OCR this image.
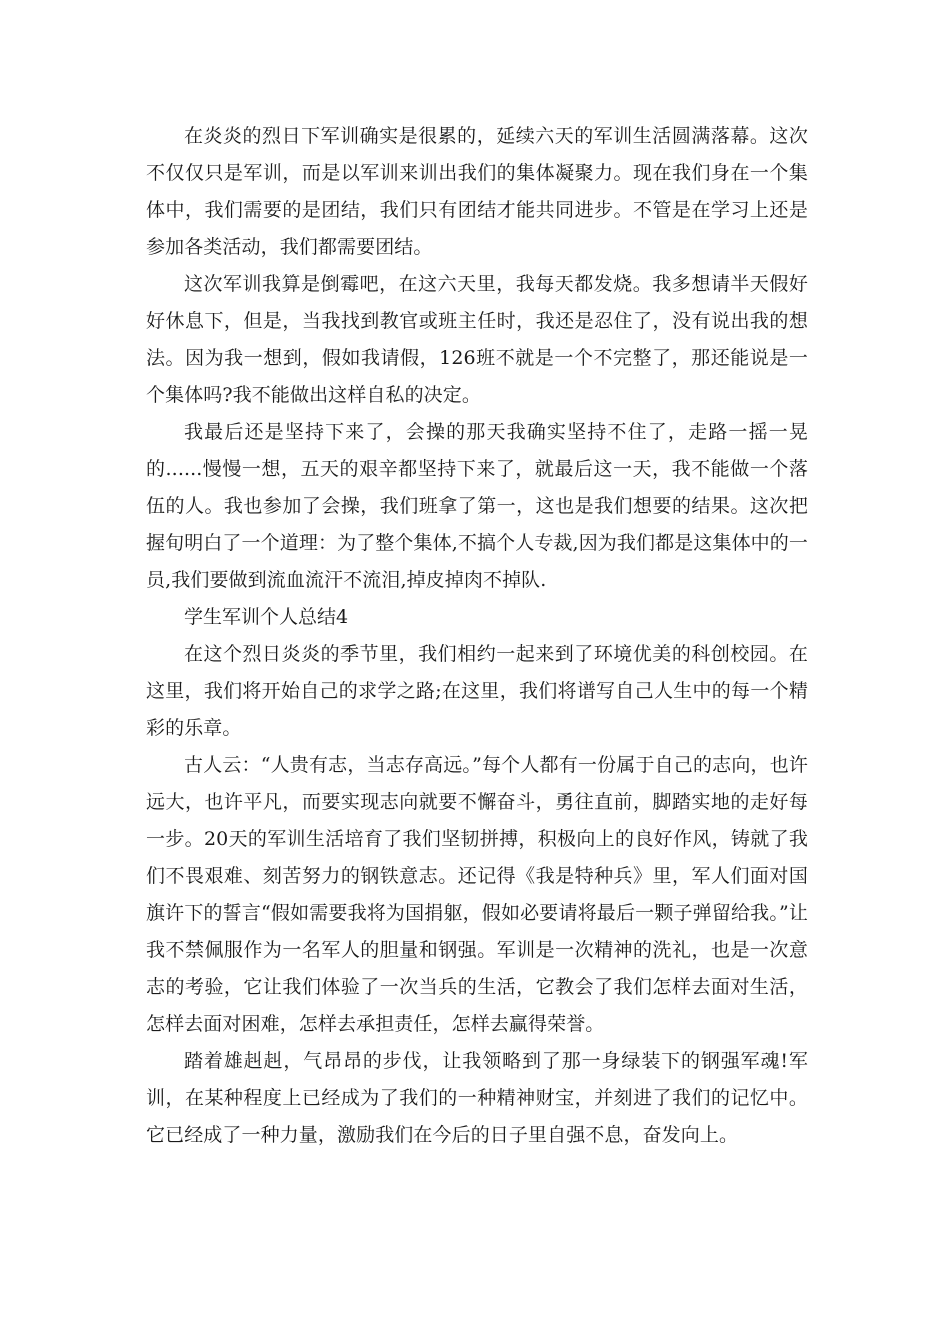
在炎炎的烈日下军训确实是很累的，延续六天的军训生活圆满落幕。这次不仅仅只是军训，而是以军训来训出我们的集体凝聚力。现在我们身在一个集体中，我们需要的是团结，我们只有团结才能共同进步。不管是在学习上还是参加各类活动，我们都需要团结。

这次军训我算是倒霉吧，在这六天里，我每天都发烧。我多想请半天假好好休息下，但是，当我找到教官或班主任时，我还是忍住了，没有说出我的想法。因为我一想到，假如我请假，126班不就是一个不完整了，那还能说是一个集体吗?我不能做出这样自私的决定。

我最后还是坚持下来了，会操的那天我确实坚持不住了，走路一摇一晃的......慢慢一想，五天的艰辛都坚持下来了，就最后这一天，我不能做一个落伍的人。我也参加了会操，我们班拿了第一，这也是我们想要的结果。这次把握旬明白了一个道理：为了整个集体,不搞个人专裁,因为我们都是这集体中的一员,我们要做到流血流汗不流泪,掉皮掉肉不掉队.

学生军训个人总结4

在这个烈日炎炎的季节里，我们相约一起来到了环境优美的科创校园。在这里，我们将开始自己的求学之路;在这里，我们将谱写自己人生中的每一个精彩的乐章。

古人云：“人贵有志，当志存高远。”每个人都有一份属于自己的志向，也许远大，也许平凡，而要实现志向就要不懈奋斗，勇往直前，脚踏实地的走好每一步。20天的军训生活培育了我们坚韧拼搏，积极向上的良好作风，铸就了我们不畏艰难、刻苦努力的钢铁意志。还记得《我是特种兵》里，军人们面对国旗许下的誓言“假如需要我将为国捐躯，假如必要请将最后一颗子弹留给我。”让我不禁佩服作为一名军人的胆量和钢强。军训是一次精神的洗礼，也是一次意志的考验，它让我们体验了一次当兵的生活，它教会了我们怎样去面对生活，怎样去面对困难，怎样去承担责任，怎样去赢得荣誉。

踏着雄赳赳，气昂昂的步伐，让我领略到了那一身绿装下的钢强军魂!军训，在某种程度上已经成为了我们的一种精神财宝，并刻进了我们的记忆中。它已经成了一种力量，激励我们在今后的日子里自强不息，奋发向上。
